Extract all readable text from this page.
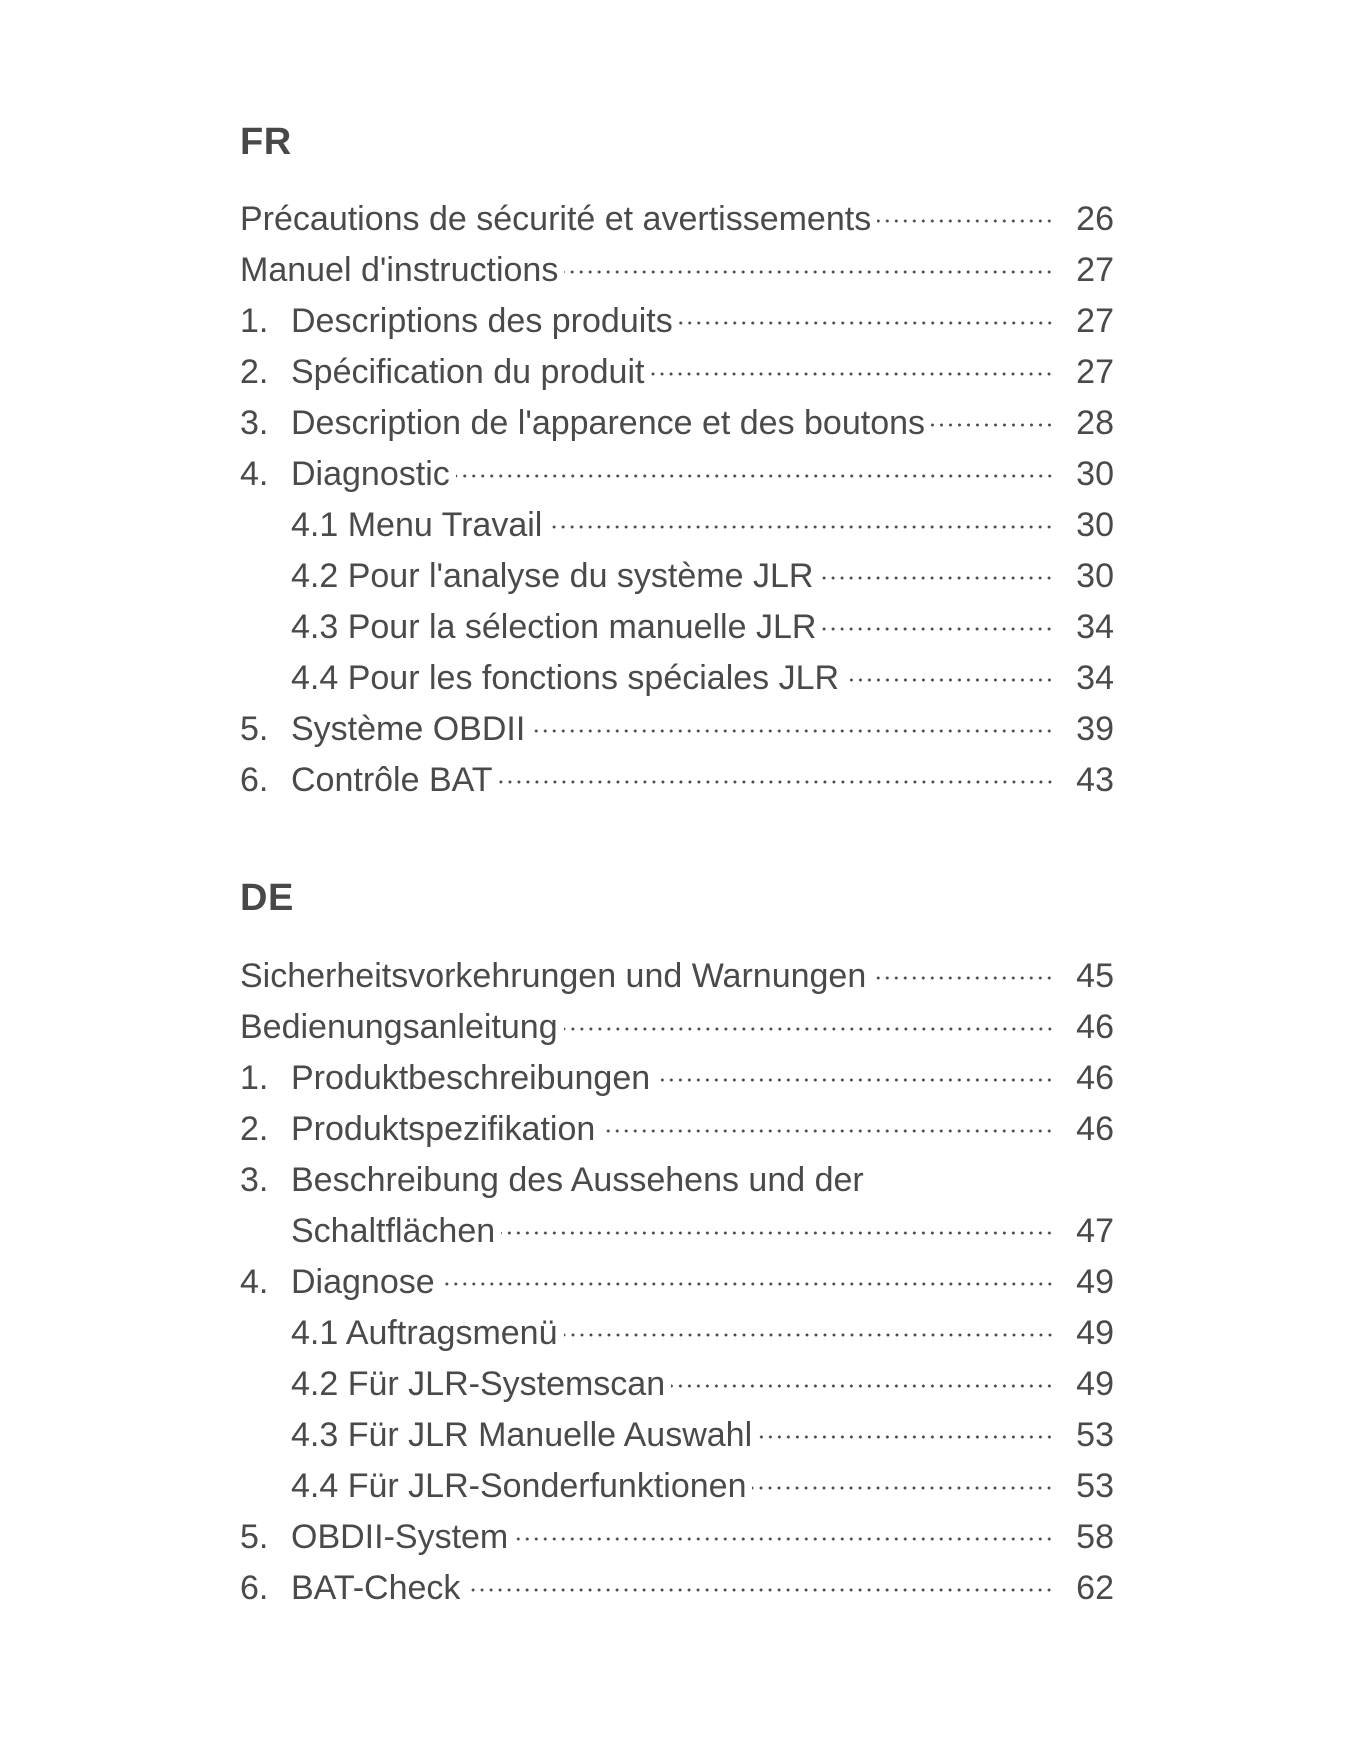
FR
Précautions de sécurité et avertissements	26
Manuel d'instructions	27
1. Descriptions des produits	27
2. Spécification du produit	27
3. Description de l'apparence et des boutons	28
4. Diagnostic	30
4.1 Menu Travail	30
4.2 Pour l'analyse du système JLR	30
4.3 Pour la sélection manuelle JLR	34
4.4 Pour les fonctions spéciales JLR	34
5. Système OBDII	39
6. Contrôle BAT	43
DE
Sicherheitsvorkehrungen und Warnungen	45
Bedienungsanleitung	46
1. Produktbeschreibungen	46
2. Produktspezifikation	46
3. Beschreibung des Aussehens und der
Schaltflächen	47
4. Diagnose	49
4.1 Auftragsmenü	49
4.2 Für JLR-Systemscan	49
4.3 Für JLR Manuelle Auswahl	53
4.4 Für JLR-Sonderfunktionen	53
5. OBDII-System	58
6. BAT-Check	62
